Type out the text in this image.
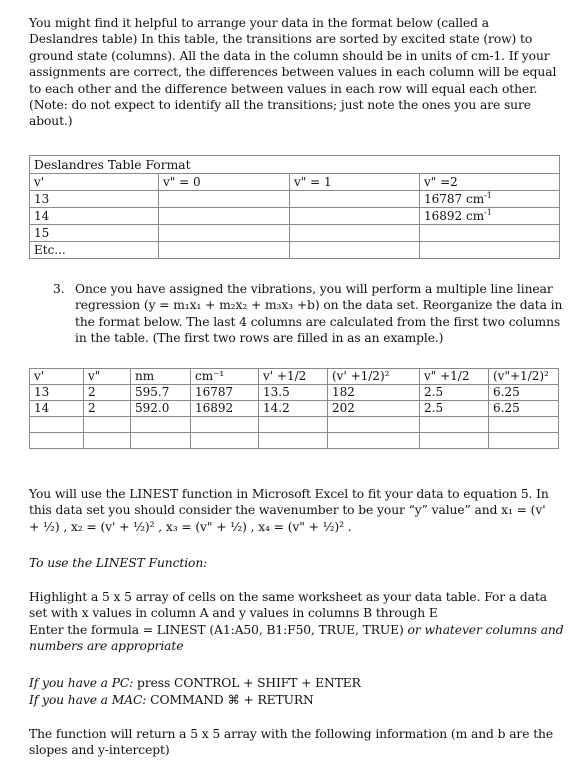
You might find it helpful to arrange your data in the format below (called a Deslandres table) In this table, the transitions are sorted by excited state (row) to ground state (columns). All the data in the column should be in units of cm-1. If your assignments are correct, the differences between values in each column will be equal to each other and the difference between values in each row will equal each other. (Note: do not expect to identify all the transitions; just note the ones you are sure about.)
Deslandres Table Format			
v'	v" = 0	v" = 1	v" =2
13			16787 $cm^{-1}$
14			16892 $cm^{-1}$
15			
Etc...			
3. Once you have assigned the vibrations, you will perform a multiple line linear regression (y = m₁x₁ + m₂x₂ + m₃x₃ +b) on the data set. Reorganize the data in the format below. The last 4 columns are calculated from the first two columns in the table. (The first two rows are filled in as an example.)
v'	v"	nm	cm⁻¹	v' +1/2	(v' +1/2)²	v" +1/2	(v"+1/2)²
13	2	595.7	16787	13.5	182	2.5	6.25
14	2	592.0	16892	14.2	202	2.5	6.25

You will use the LINEST function in Microsoft Excel to fit your data to equation 5. In this data set you should consider the wavenumber to be your “y” value” and x₁ = (v' + ½) , x₂ = (v' + ½)² , x₃ = (v" + ½) , x₄ = (v" + ½)² .
To use the LINEST Function:
Highlight a 5 x 5 array of cells on the same worksheet as your data table. For a data set with x values in column A and y values in columns B through E
Enter the formula = LINEST (A1:A50, B1:F50, TRUE, TRUE) or whatever columns and numbers are appropriate
If you have a PC: press CONTROL + SHIFT + ENTER
If you have a MAC: COMMAND ⌘ + RETURN
The function will return a 5 x 5 array with the following information (m and b are the slopes and y-intercept)
